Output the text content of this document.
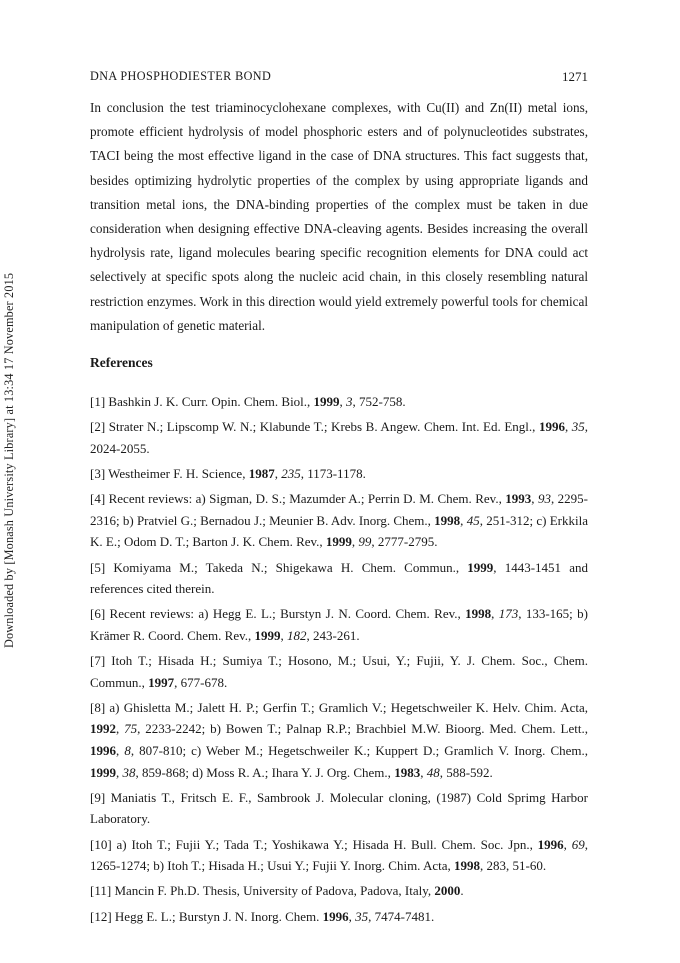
Downloaded by [Monash University Library] at 13:34 17 November 2015
DNA PHOSPHODIESTER BOND	1271

In conclusion the test triaminocyclohexane complexes, with Cu(II) and Zn(II) metal ions, promote efficient hydrolysis of model phosphoric esters and of polynucleotides substrates, TACI being the most effective ligand in the case of DNA structures. This fact suggests that, besides optimizing hydrolytic properties of the complex by using appropriate ligands and transition metal ions, the DNA-binding properties of the complex must be taken in due consideration when designing effective DNA-cleaving agents. Besides increasing the overall hydrolysis rate, ligand molecules bearing specific recognition elements for DNA could act selectively at specific spots along the nucleic acid chain, in this closely resembling natural restriction enzymes. Work in this direction would yield extremely powerful tools for chemical manipulation of genetic material.

References
[1] Bashkin J. K. Curr. Opin. Chem. Biol., 1999, 3, 752-758.
[2] Strater N.; Lipscomp W. N.; Klabunde T.; Krebs B. Angew. Chem. Int. Ed. Engl., 1996, 35, 2024-2055.
[3] Westheimer F. H. Science, 1987, 235, 1173-1178.
[4] Recent reviews: a) Sigman, D. S.; Mazumder A.; Perrin D. M. Chem. Rev., 1993, 93, 2295-2316; b) Pratviel G.; Bernadou J.; Meunier B. Adv. Inorg. Chem., 1998, 45, 251-312; c) Erkkila K. E.; Odom D. T.; Barton J. K. Chem. Rev., 1999, 99, 2777-2795.
[5] Komiyama M.; Takeda N.; Shigekawa H. Chem. Commun., 1999, 1443-1451 and references cited therein.
[6] Recent reviews: a) Hegg E. L.; Burstyn J. N. Coord. Chem. Rev., 1998, 173, 133-165; b) Krämer R. Coord. Chem. Rev., 1999, 182, 243-261.
[7] Itoh T.; Hisada H.; Sumiya T.; Hosono, M.; Usui, Y.; Fujii, Y. J. Chem. Soc., Chem. Commun., 1997, 677-678.
[8] a) Ghisletta M.; Jalett H. P.; Gerfin T.; Gramlich V.; Hegetschweiler K. Helv. Chim. Acta, 1992, 75, 2233-2242; b) Bowen T.; Palnap R.P.; Brachbiel M.W. Bioorg. Med. Chem. Lett., 1996, 8, 807-810; c) Weber M.; Hegetschweiler K.; Kuppert D.; Gramlich V. Inorg. Chem., 1999, 38, 859-868; d) Moss R. A.; Ihara Y. J. Org. Chem., 1983, 48, 588-592.
[9] Maniatis T., Fritsch E. F., Sambrook J. Molecular cloning, (1987) Cold Sprimg Harbor Laboratory.
[10] a) Itoh T.; Fujii Y.; Tada T.; Yoshikawa Y.; Hisada H. Bull. Chem. Soc. Jpn., 1996, 69, 1265-1274; b) Itoh T.; Hisada H.; Usui Y.; Fujii Y. Inorg. Chim. Acta, 1998, 283, 51-60.
[11] Mancin F. Ph.D. Thesis, University of Padova, Padova, Italy, 2000.
[12] Hegg E. L.; Burstyn J. N. Inorg. Chem. 1996, 35, 7474-7481.
